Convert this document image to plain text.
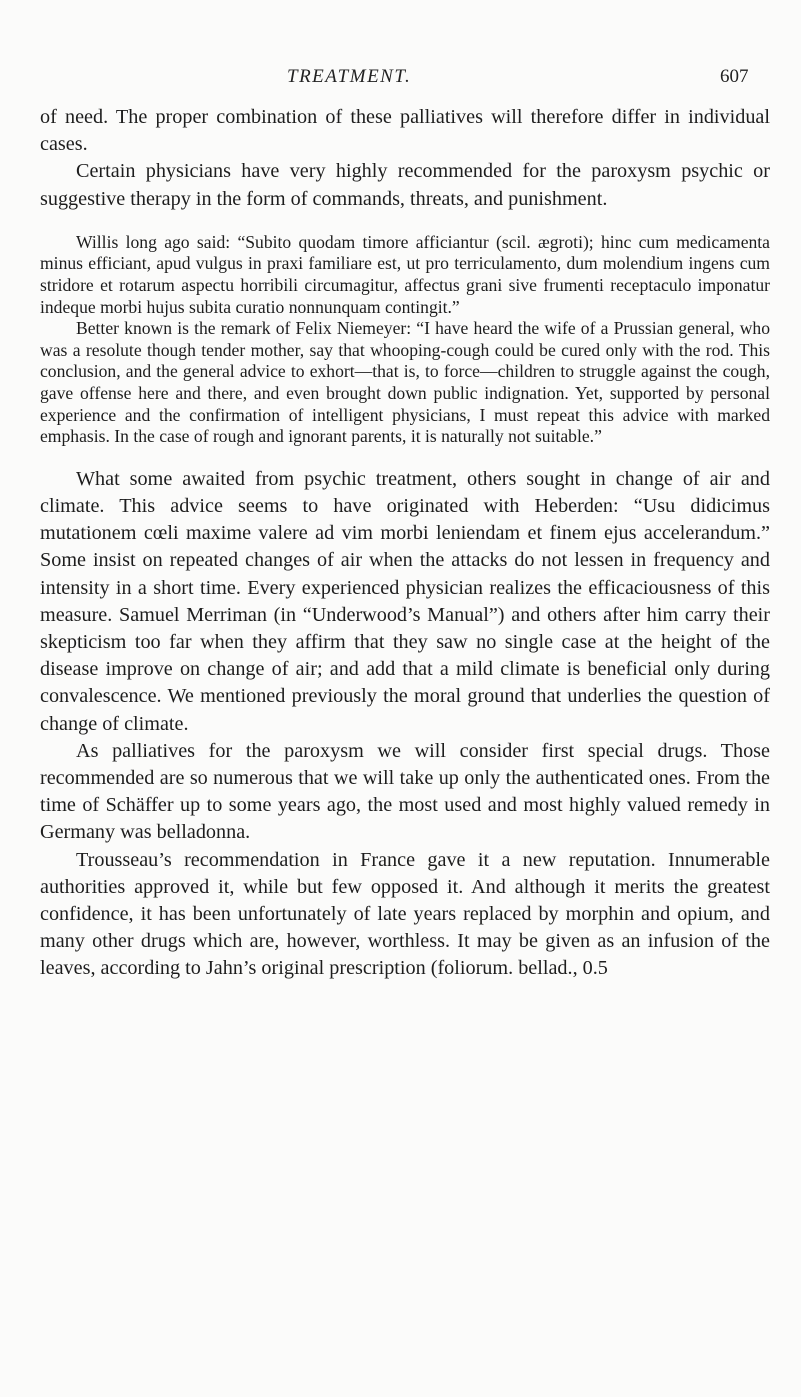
TREATMENT.	607

of need. The proper combination of these palliatives will therefore differ in individual cases.

Certain physicians have very highly recommended for the paroxysm psychic or suggestive therapy in the form of commands, threats, and punishment.

Willis long ago said: “Subito quodam timore afficiantur (scil. ægroti); hinc cum medicamenta minus efficiant, apud vulgus in praxi familiare est, ut pro terriculamento, dum molendium ingens cum stridore et rotarum aspectu horribili circumagitur, affectus grani sive frumenti receptaculo imponatur indeque morbi hujus subita curatio nonnunquam contingit.”

Better known is the remark of Felix Niemeyer: “I have heard the wife of a Prussian general, who was a resolute though tender mother, say that whooping-cough could be cured only with the rod. This conclusion, and the general advice to exhort—that is, to force—children to struggle against the cough, gave offense here and there, and even brought down public indignation. Yet, supported by personal experience and the confirmation of intelligent physicians, I must repeat this advice with marked emphasis. In the case of rough and ignorant parents, it is naturally not suitable.”

What some awaited from psychic treatment, others sought in change of air and climate. This advice seems to have originated with Heberden: “Usu didicimus mutationem cœli maxime valere ad vim morbi leniendam et finem ejus accelerandum.” Some insist on repeated changes of air when the attacks do not lessen in frequency and intensity in a short time. Every experienced physician realizes the efficaciousness of this measure. Samuel Merriman (in “Underwood’s Manual”) and others after him carry their skepticism too far when they affirm that they saw no single case at the height of the disease improve on change of air; and add that a mild climate is beneficial only during convalescence. We mentioned previously the moral ground that underlies the question of change of climate.

As palliatives for the paroxysm we will consider first special drugs. Those recommended are so numerous that we will take up only the authenticated ones. From the time of Schäffer up to some years ago, the most used and most highly valued remedy in Germany was belladonna.

Trousseau’s recommendation in France gave it a new reputation. Innumerable authorities approved it, while but few opposed it. And although it merits the greatest confidence, it has been unfortunately of late years replaced by morphin and opium, and many other drugs which are, however, worthless. It may be given as an infusion of the leaves, according to Jahn’s original prescription (foliorum. bellad., 0.5
